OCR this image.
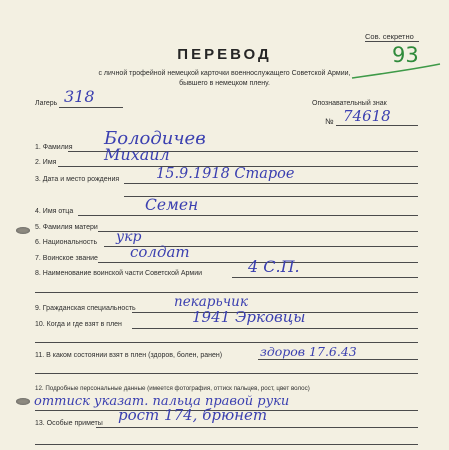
Сов. секретно
93
ПЕРЕВОД
с личной трофейной немецкой карточки военнослужащего Советской Армии,
бывшего в немецком плену.
Лагерь 318	Опознавательный знак
№ 74618
1. Фамилия Болодичев
2. Имя	Михаил
3. Дата и место рождения	15.9.1918 Старое
4. Имя отца	Семен
5. Фамилия матери
6. Национальность укр
7. Воинское звание солдат
8. Наименование воинской части Советской Армии	4 С.П.
9. Гражданская специальность	пекарьчик
10. Когда и где взят в плен	1941 Эрковцы
11. В каком состоянии взят в плен (здоров, болен, ранен)	здоров 17.6.43
12. Подробные персональные данные (имеется фотография, оттиск пальцев, рост, цвет волос)
оттиск указат. пальца правой руки
13. Особые приметы рост 174, брюнет
